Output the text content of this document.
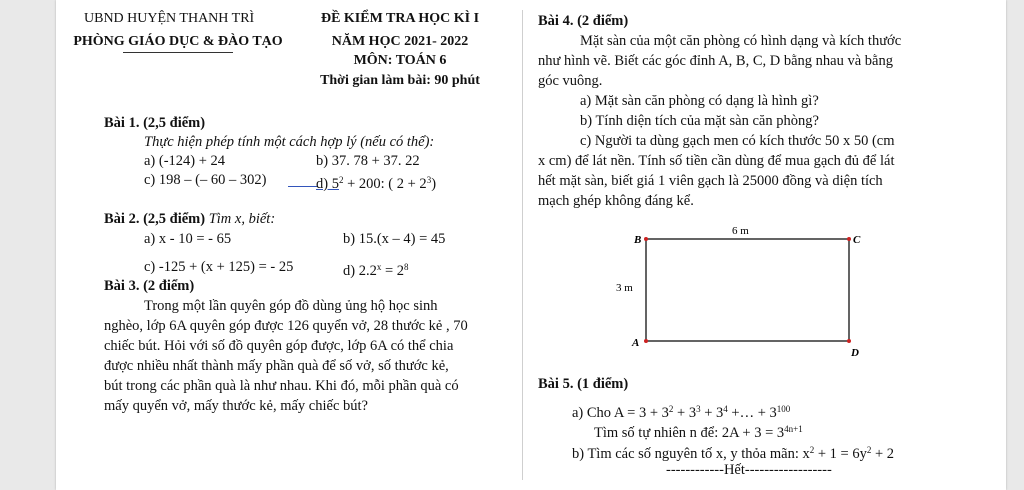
UBND HUYỆN THANH TRÌ
PHÒNG GIÁO DỤC & ĐÀO TẠO
ĐỀ KIỂM TRA HỌC KÌ I
NĂM HỌC 2021- 2022
MÔN: TOÁN 6
Thời gian làm bài: 90 phút
Bài 1. (2,5 điểm)
Thực hiện phép tính một cách hợp lý (nếu có thể):
a) (-124) + 24	b) 37. 78 + 37. 22
c) 198 – (– 60 – 302)	d) $5^2 + 200$: ( $2 + 2^3$)
Bài 2. (2,5 điểm) Tìm x, biết:
a) x - 10 = - 65	b) 15.(x – 4) = 45
c) -125 + (x + 125) = - 25	d) $2.2^x = 2^8$
Bài 3. (2 điểm)
Trong một lần quyên góp đồ dùng ủng hộ học sinh
nghèo, lớp 6A quyên góp được 126 quyển vở, 28 thước kẻ , 70
chiếc bút. Hỏi với số đồ quyên góp được, lớp 6A có thể chia
được nhiều nhất thành mấy phần quà để số vở, số thước kẻ,
bút trong các phần quà là như nhau. Khi đó, mỗi phần quà có
mấy quyển vở, mấy thước kẻ, mấy chiếc bút?
Bài 4. (2 điểm)
Mặt sàn của một căn phòng có hình dạng và kích thước
như hình vẽ. Biết các góc đỉnh A, B, C, D bằng nhau và bằng
góc vuông.
a) Mặt sàn căn phòng có dạng là hình gì?
b) Tính diện tích của mặt sàn căn phòng?
c) Người ta dùng gạch men có kích thước 50 x 50 (cm
x cm) để lát nền. Tính số tiền cần dùng để mua gạch đủ để lát
hết mặt sàn, biết giá 1 viên gạch là 25000 đồng và diện tích
mạch ghép không đáng kể.
B	C
A
D
6 m
3 m
Bài 5. (1 điểm)
a) Cho $A = 3 + 3^2 + 3^3 + 3^4$ +… + $3^{100}$
Tìm số tự nhiên n để: $2A + 3 = 3^{4n+1}$
b) Tìm các số nguyên tố x, y thỏa mãn: $x^2 + 1 = 6y^2 + 2$
------------Hết------------------
